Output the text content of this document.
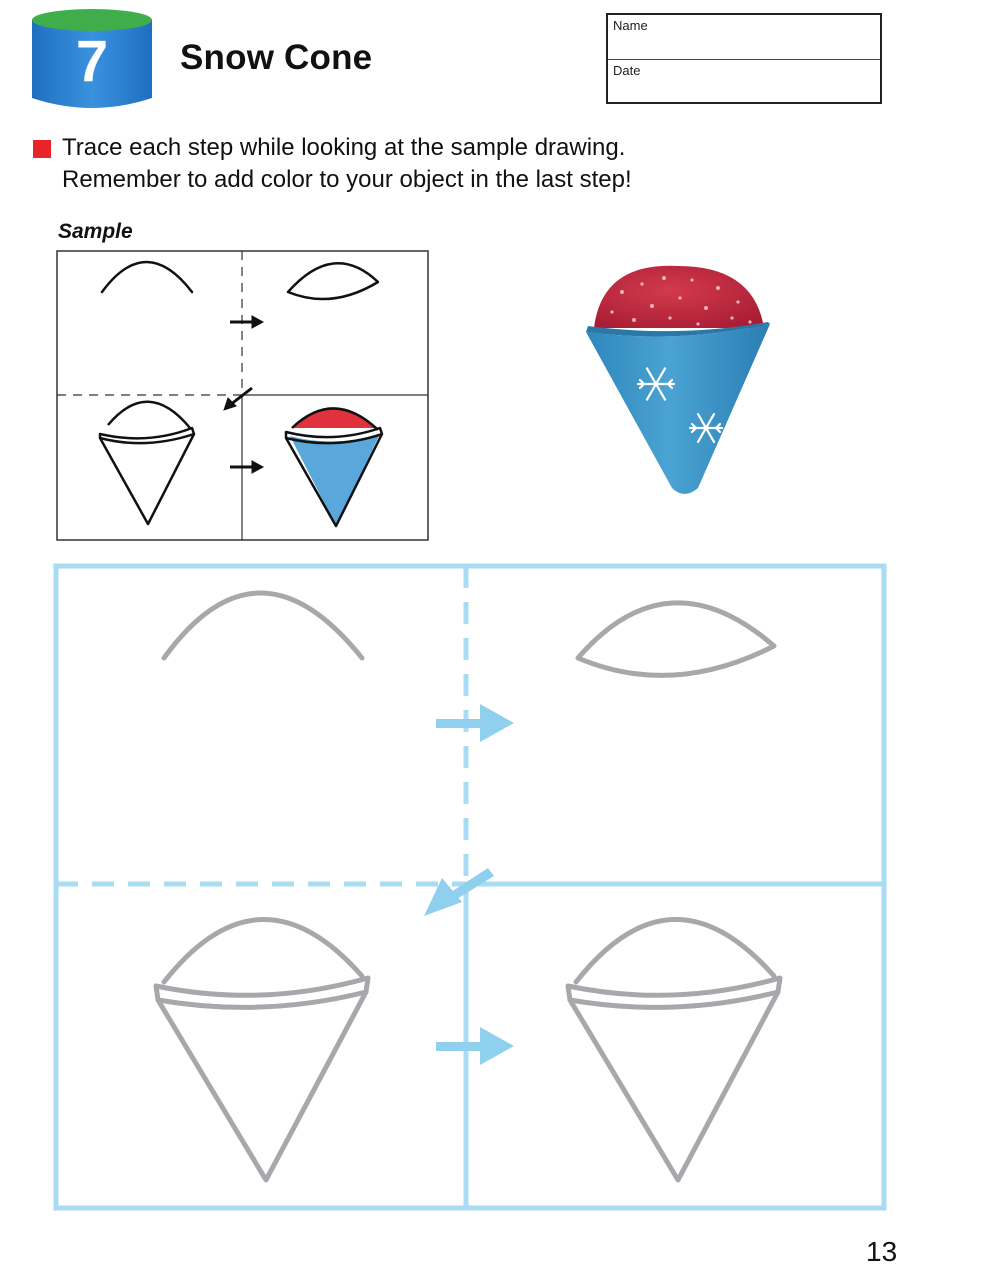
7	Snow Cone
Name
Date
Trace each step while looking at the sample drawing.
Remember to add color to your object in the last step!
Sample
13
